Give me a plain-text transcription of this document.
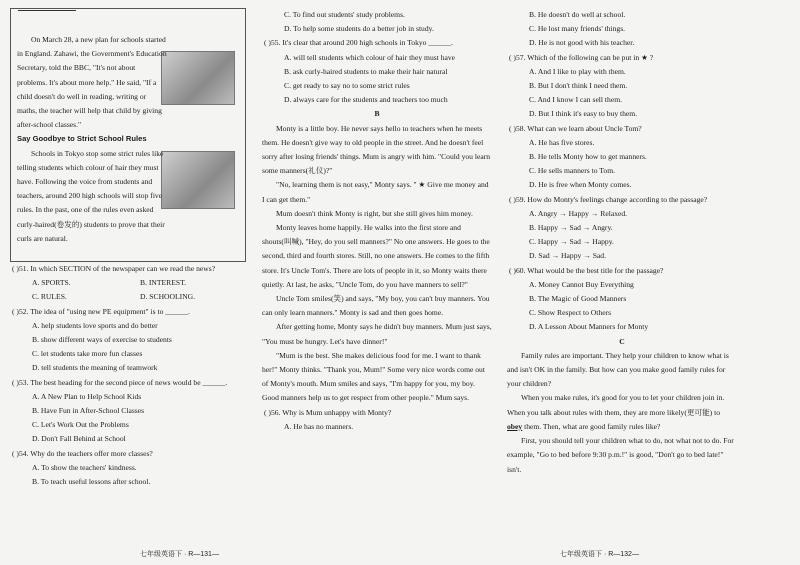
On March 28, a new plan for schools started in England. Zahawi, the Government's Education Secretary, told the BBC, "It's not about problems. It's about more help." He said, "If a child doesn't do well in reading, writing or maths, the teacher will help that child by giving after-school classes."

Say Goodbye to Strict School Rules

Schools in Tokyo stop some strict rules like telling students which colour of hair they must have. Following the voice from students and teachers, around 200 high schools will stop five rules. In the past, one of the rules even asked curly-haired(卷发的) students to prove that their curls are natural.

( )51. In which SECTION of the newspaper can we read the news?

A. SPORTS.	B. INTEREST.
C. RULES.	D. SCHOOLING.

( )52. The idea of "using new PE equipment" is to ______.

A. help students love sports and do better

B. show different ways of exercise to students

C. let students take more fun classes

D. tell students the meaning of teamwork

( )53. The best heading for the second piece of news would be ______.

A. A New Plan to Help School Kids

B. Have Fun in After-School Classes

C. Let's Work Out the Problems

D. Don't Fall Behind at School

( )54. Why do the teachers offer more classes?

A. To show the teachers' kindness.

B. To teach useful lessons after school.

C. To find out students' study problems.

D. To help some students do a better job in study.

( )55. It's clear that around 200 high schools in Tokyo ______.

A. will tell students which colour of hair they must have

B. ask curly-haired students to make their hair natural

C. get ready to say no to some strict rules

D. always care for the students and teachers too much

B

Monty is a little boy. He never says hello to teachers when he meets them. He doesn't give way to old people in the street. And he doesn't feel sorry after losing friends' things. Mum is angry with him. "Could you learn some manners(礼仪)?"

"No, learning them is not easy," Monty says. " ★ Give me money and I can get them."

Mum doesn't think Monty is right, but she still gives him money.

Monty leaves home happily. He walks into the first store and shouts(叫喊), "Hey, do you sell manners?" No one answers. He goes to the second, third and fourth stores. Still, no one answers. He comes to the fifth store. It's Uncle Tom's. There are lots of people in it, so Monty waits there quietly. At last, he asks, "Uncle Tom, do you have manners to sell?"

Uncle Tom smiles(笑) and says, "My boy, you can't buy manners. You can only learn manners." Monty is sad and then goes home.

After getting home, Monty says he didn't buy manners. Mum just says, "You must be hungry. Let's have dinner!"

"Mum is the best. She makes delicious food for me. I want to thank her!" Monty thinks. "Thank you, Mum!" Some very nice words come out of Monty's mouth. Mum smiles and says, "I'm happy for you, my boy. Good manners help us to get respect from other people." Mum says.

( )56. Why is Mum unhappy with Monty?

A. He has no manners.

B. He doesn't do well at school.

C. He lost many friends' things.

D. He is not good with his teacher.

( )57. Which of the following can be put in ★ ?

A. And I like to play with them.

B. But I don't think I need them.

C. And I know I can sell them.

D. But I think it's easy to buy them.

( )58. What can we learn about Uncle Tom?

A. He has five stores.

B. He tells Monty how to get manners.

C. He sells manners to Tom.

D. He is free when Monty comes.

( )59. How do Monty's feelings change according to the passage?

A. Angry → Happy → Relaxed.

B. Happy → Sad → Angry.

C. Happy → Sad → Happy.

D. Sad → Happy → Sad.

( )60. What would be the best title for the passage?

A. Money Cannot Buy Everything

B. The Magic of Good Manners

C. Show Respect to Others

D. A Lesson About Manners for Monty

C

Family rules are important. They help your children to know what is and isn't OK in the family. But how can you make good family rules for your children?

When you make rules, it's good for you to let your children join in. When you talk about rules with them, they are more likely(更可能) to obey them. Then, what are good family rules like?

First, you should tell your children what to do, not what not to do. For example, "Go to bed before 9:30 p.m.!" is good, "Don't go to bed late!" isn't.

七年级英语下 · R—131—	七年级英语下 · R—132—
